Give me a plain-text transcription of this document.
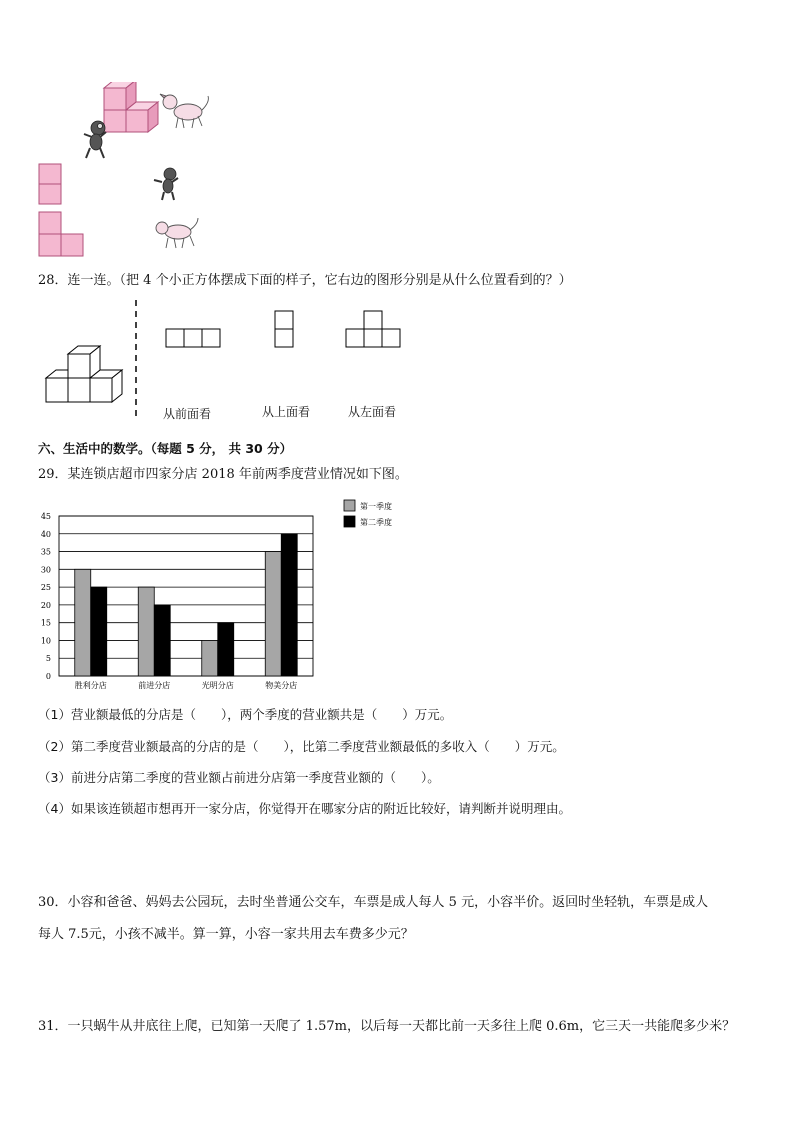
28．连一连。（把 4 个小正方体摆成下面的样子，它右边的图形分别是从什么位置看到的？）
从前面看	从上面看	从左面看
六、生活中的数学。（每题 5 分， 共 30 分）
29．某连锁店超市四家分店 2018 年前两季度营业情况如下图。
0
5
10
15
20
25
30
35
40
45
胜利分店	前进分店	光明分店	物美分店
第一季度
第二季度
（1）营业额最低的分店是（　　），两个季度的营业额共是（　　）万元。
（2）第二季度营业额最高的分店的是（　　），比第二季度营业额最低的多收入（　　）万元。
（3）前进分店第二季度的营业额占前进分店第一季度营业额的（　　）。
（4）如果该连锁超市想再开一家分店，你觉得开在哪家分店的附近比较好，请判断并说明理由。
30．小容和爸爸、妈妈去公园玩，去时坐普通公交车，车票是成人每人 5 元，小容半价。返回时坐轻轨，车票是成人
每人 7.5元，小孩不减半。算一算，小容一家共用去车费多少元？
31．一只蜗牛从井底往上爬，已知第一天爬了 1.57m，以后每一天都比前一天多往上爬 0.6m，它三天一共能爬多少米？
